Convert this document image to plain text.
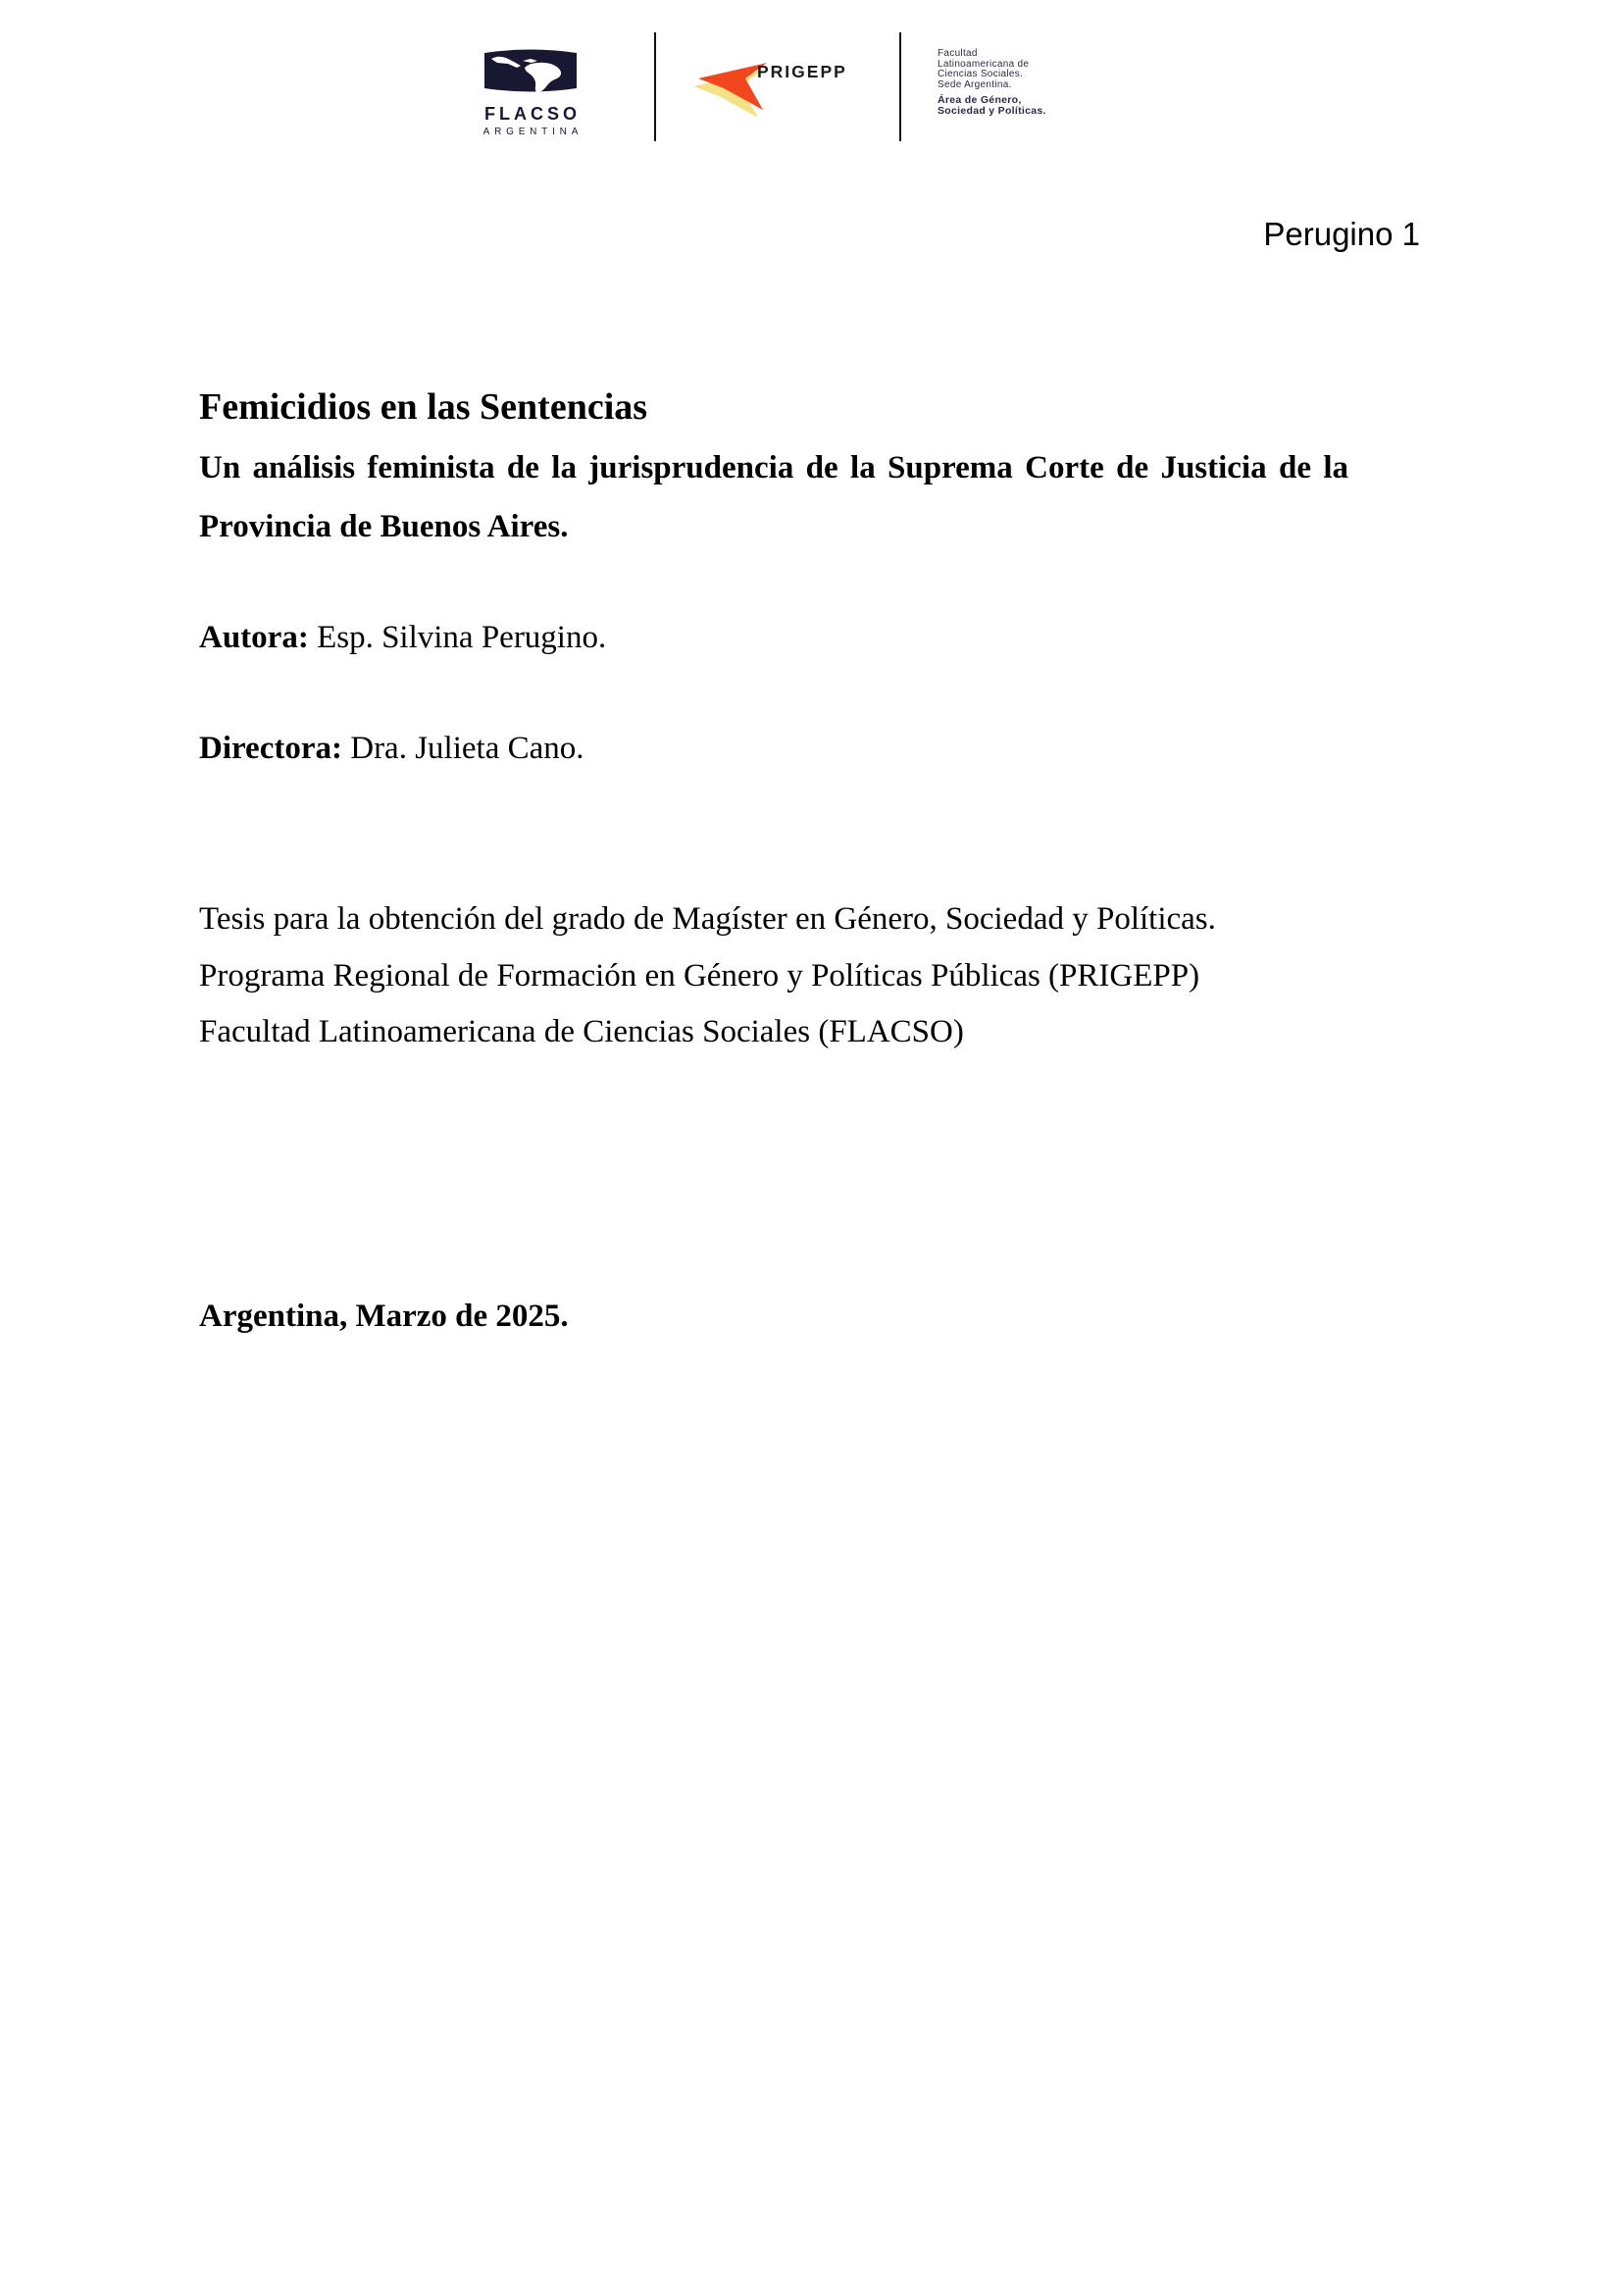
FLACSO
ARGENTINA
PRIGEPP
Facultad
Latinoamericana de
Ciencias Sociales.
Sede Argentina.
Área de Género,
Sociedad y Políticas.
Perugino 1
Femicidios en las Sentencias
Un análisis feminista de la jurisprudencia de la Suprema Corte de Justicia de la
Provincia de Buenos Aires.
Autora: Esp. Silvina Perugino.
Directora: Dra. Julieta Cano.
Tesis para la obtención del grado de Magíster en Género, Sociedad y Políticas.
Programa Regional de Formación en Género y Políticas Públicas (PRIGEPP)
Facultad Latinoamericana de Ciencias Sociales (FLACSO)
Argentina, Marzo de 2025.
